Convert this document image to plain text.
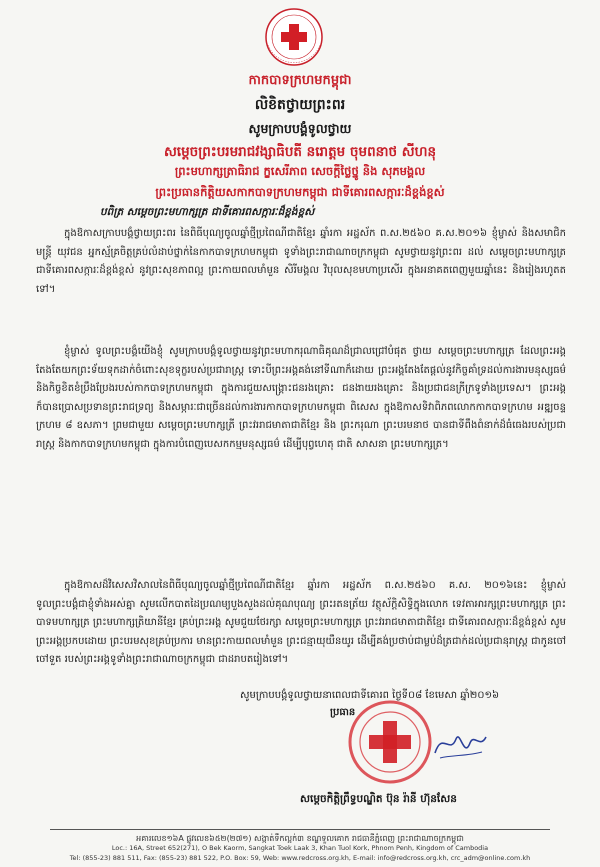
កាកបាទក្រហមកម្ពុជា
លិខិតថ្វាយព្រះពរ
សូមក្រាបបង្គំទូលថ្វាយ
សម្តេចព្រះបរមរាជវង្សាធិបតី នរោត្តម ចុមពនាថ សីហនុ
ព្រះមហាក្សត្រាធិរាជ ក្ខសេរីភាព​ សេចក្តីថ្លៃថ្នូ​ និង សុភមង្គល
ព្រះប្រធានកិត្តិយសកាកបាទក្រហមកម្ពុជា ជាទីគោរពសក្ការៈដ៏ខ្ពង់ខ្ពស់
បពិត្រ សម្តេចព្រះមហាក្សត្រ ជាទីគោរពសក្ការៈដ៏ខ្ពង់ខ្ពស់

ក្នុងឱកាសក្រាបបង្គំថ្វាយព្រះពរ នៃពិធីបុណ្យចូលឆ្នាំថ្មីប្រពៃណីជាតិខ្មែរ ឆ្នាំរកា អដ្ឋស័ក ព.ស.២៥៦០ គ.ស.២០១៦ ខ្ញុំម្ចាស់ និងសមាជិក មន្ត្រី យុវជន អ្នកស្ម័គ្រចិត្តគ្រប់លំដាប់ថ្នាក់នៃកាកបាទក្រហមកម្ពុជា ទូទាំងព្រះរាជាណាចក្រកម្ពុជា សូមថ្វាយនូវព្រះពរ ដល់ សម្តេចព្រះមហាក្សត្រ ជាទីគោរពសក្ការៈដ៏ខ្ពង់ខ្ពស់ នូវព្រះសុខភាពល្អ ព្រះកាយពលមាំមួន សិរីមង្គល វិបុលសុខមហាប្រសើរ ក្នុងអនាគតពេញមួយឆ្នាំនេះ និងរៀងរហូតតទៅ។

ខ្ញុំម្ចាស់ ទូលព្រះបង្គំយើងខ្ញុំ សូមក្រាបបង្គំទូលថ្វាយនូវព្រះមហាករុណាធិគុណដ៏ជ្រាលជ្រៅបំផុត ថ្វាយ សម្តេចព្រះមហាក្សត្រ ដែលព្រះអង្គតែងតែយកព្រះទ័យទុកដាក់ចំពោះសុខទុក្ខរបស់ប្រជារាស្ត្រ ទោះបីព្រះអង្គគង់នៅទីណាក៏ដោយ ព្រះអង្គតែងតែផ្តល់នូវកិច្ចគាំទ្រដល់ការងារមនុស្សធម៌ និងកិច្ចខិតខំប្រឹងប្រែងរបស់កាកបាទក្រហមកម្ពុជា ក្នុងការជួយសង្គ្រោះជនរងគ្រោះ ជនងាយរងគ្រោះ និងប្រជាជនក្រីក្រទូទាំងប្រទេស។ ព្រះអង្គក៏បានប្រោសប្រទានព្រះរាជទ្រព្យ និងសម្ភារៈជាច្រើនដល់ការងារកាកបាទក្រហមកម្ពុជា ពិសេស ក្នុងឱកាសទិវាពិភពលោកកាកបាទក្រហម អឌ្ឍចន្ទក្រហម ៨ ឧសភា។ ព្រមជាមួយ សម្តេចព្រះមហាក្សត្រី ព្រះវររាជមាតាជាតិខ្មែរ និង ព្រះករុណា ព្រះបរមនាថ បានជាទីពឹងពំនាក់ដ៏ធំធេងរបស់ប្រជារាស្ត្រ និងកាកបាទក្រហមកម្ពុជា ក្នុងការបំពេញបេសកកម្មមនុស្សធម៌ ដើម្បីបុព្វហេតុ ជាតិ សាសនា ព្រះមហាក្សត្រ។

ក្នុងឱកាសដ៏វិសេសវិសាលនៃពិធីបុណ្យចូលឆ្នាំថ្មីប្រពៃណីជាតិខ្មែរ ឆ្នាំរកា អដ្ឋស័ក ព.ស.២៥៦០ គ.ស. ២០១៦នេះ ខ្ញុំម្ចាស់ ទូលព្រះបង្គំជាខ្ញុំទាំងអស់គ្នា សូមលើកបាតដៃប្រណម្យបួងសួងដល់គុណបុណ្យ ព្រះរតនត្រ័យ វត្ថុស័ក្តិសិទ្ធិក្នុងលោក ទេវតាអារក្សព្រះមហាក្សត្រ ព្រះបាទមហាក្សត្រ ព្រះមហាក្សត្រិយានីខ្មែរ គ្រប់ព្រះអង្គ សូមជួយថែរក្សា សម្តេចព្រះមហាក្សត្រ ព្រះវររាជមាតាជាតិខ្មែរ ជាទីគោរពសក្ការៈដ៏ខ្ពង់ខ្ពស់ សូមព្រះអង្គប្រកបដោយ ព្រះបរមសុខគ្រប់ប្រការ មានព្រះកាយពលមាំមួន ព្រះជន្មាយុយឺនយូរ ដើម្បីគង់ប្រថាប់ជាម្លប់ដ៏ត្រជាក់ដល់ប្រជានុរាស្ត្រ ជាកូនចៅ ចៅទួត របស់ព្រះអង្គទូទាំងព្រះរាជាណាចក្រកម្ពុជា ជាដរាបតរៀងទៅ។

សូមក្រាបបង្គំទូលថ្វាយនាពេលជាទីគោរព ថ្ងៃទី០៨ ខែមេសា ឆ្នាំ២០១៦
ប្រធាន
សម្តេចកិត្តិព្រឹទ្ធបណ្ឌិត ប៊ុន រ៉ានី ហ៊ុនសែន
អគារលេខ១៦A ផ្លូវលេខ៦៥២(២៧១) សង្កាត់ទឹកល្អក់៣ ខណ្ឌទួលគោក រាជធានីភ្នំពេញ ព្រះរាជាណាចក្រកម្ពុជា
Loc.: 16A, Street 652(271), O Bek Kaorm, Sangkat Toek Laak 3, Khan Tuol Kork, Phnom Penh, Kingdom of Cambodia
Tel: (855-23) 881 511, Fax: (855-23) 881 522, P.O. Box: 59, Web: www.redcross.org.kh, E-mail: info@redcross.org.kh, crc_adm@online.com.kh
